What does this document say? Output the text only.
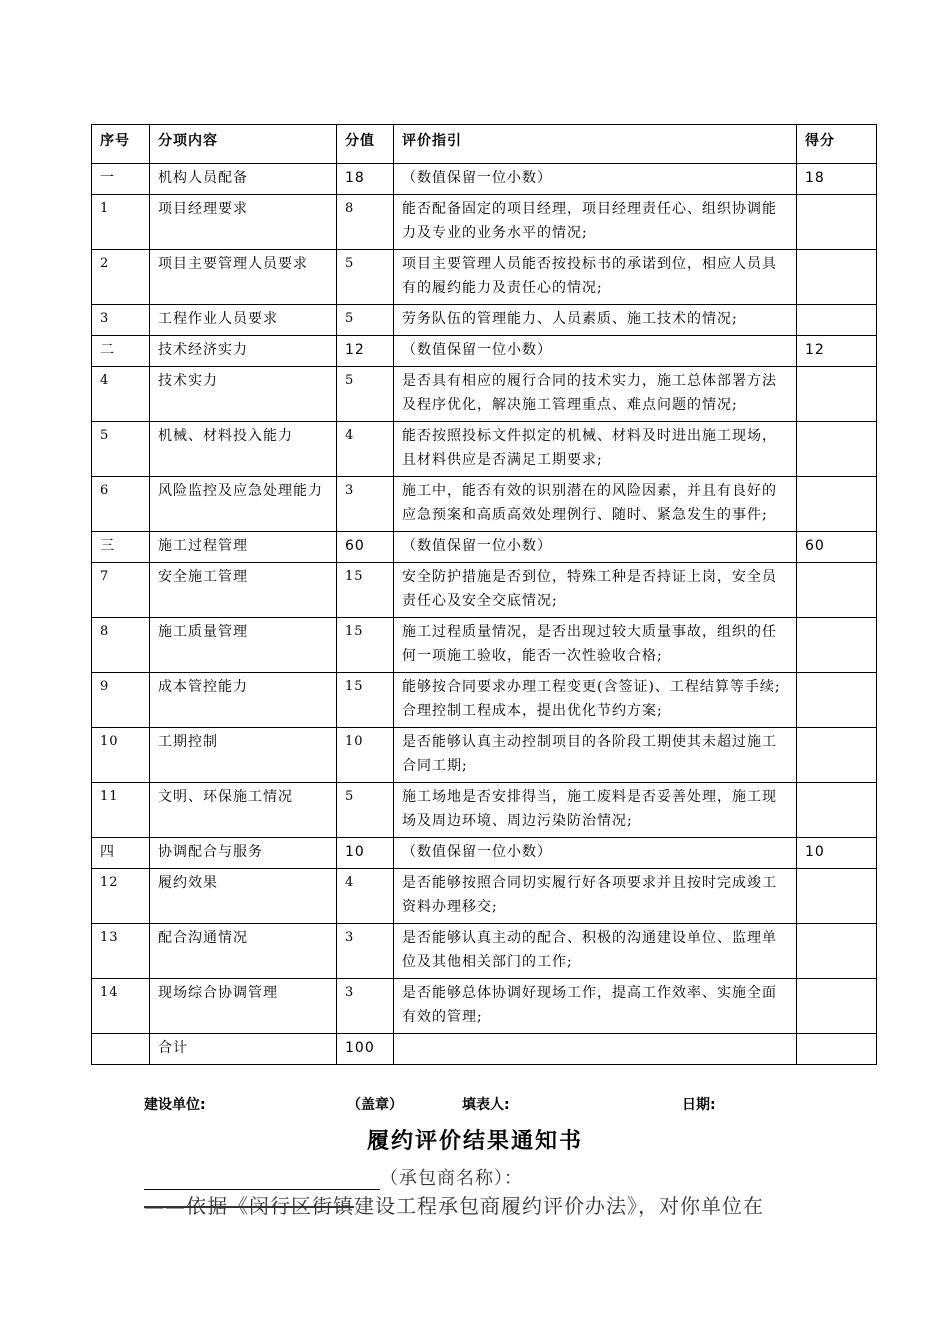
序号	分项内容	分值	评价指引	得分
一	机构人员配备	18	（数值保留一位小数）	18
1	项目经理要求	8	能否配备固定的项目经理，项目经理责任心、组织协调能力及专业的业务水平的情况;	
2	项目主要管理人员要求	5	项目主要管理人员能否按投标书的承诺到位，相应人员具有的履约能力及责任心的情况;	
3	工程作业人员要求	5	劳务队伍的管理能力、人员素质、施工技术的情况;	
二	技术经济实力	12	（数值保留一位小数）	12
4	技术实力	5	是否具有相应的履行合同的技术实力，施工总体部署方法及程序优化，解决施工管理重点、难点问题的情况;	
5	机械、材料投入能力	4	能否按照投标文件拟定的机械、材料及时进出施工现场，且材料供应是否满足工期要求;	
6	风险监控及应急处理能力	3	施工中，能否有效的识别潜在的风险因素，并且有良好的应急预案和高质高效处理例行、随时、紧急发生的事件;	
三	施工过程管理	60	（数值保留一位小数）	60
7	安全施工管理	15	安全防护措施是否到位，特殊工种是否持证上岗，安全员责任心及安全交底情况;	
8	施工质量管理	15	施工过程质量情况，是否出现过较大质量事故，组织的任何一项施工验收，能否一次性验收合格;	
9	成本管控能力	15	能够按合同要求办理工程变更(含签证)、工程结算等手续;合理控制工程成本，提出优化节约方案;	
10	工期控制	10	是否能够认真主动控制项目的各阶段工期使其未超过施工合同工期;	
11	文明、环保施工情况	5	施工场地是否安排得当，施工废料是否妥善处理，施工现场及周边环境、周边污染防治情况;	
四	协调配合与服务	10	（数值保留一位小数）	10
12	履约效果	4	是否能够按照合同切实履行好各项要求并且按时完成竣工资料办理移交;	
13	配合沟通情况	3	是否能够认真主动的配合、积极的沟通建设单位、监理单位及其他相关部门的工作;	
14	现场综合协调管理	3	是否能够总体协调好现场工作，提高工作效率、实施全面有效的管理;	
	合计	100		
建设单位:	（盖章）	填表人:	日期:
履约评价结果通知书
（承包商名称）：
——依据《闵行区街镇建设工程承包商履约评价办法》，对你单位在
